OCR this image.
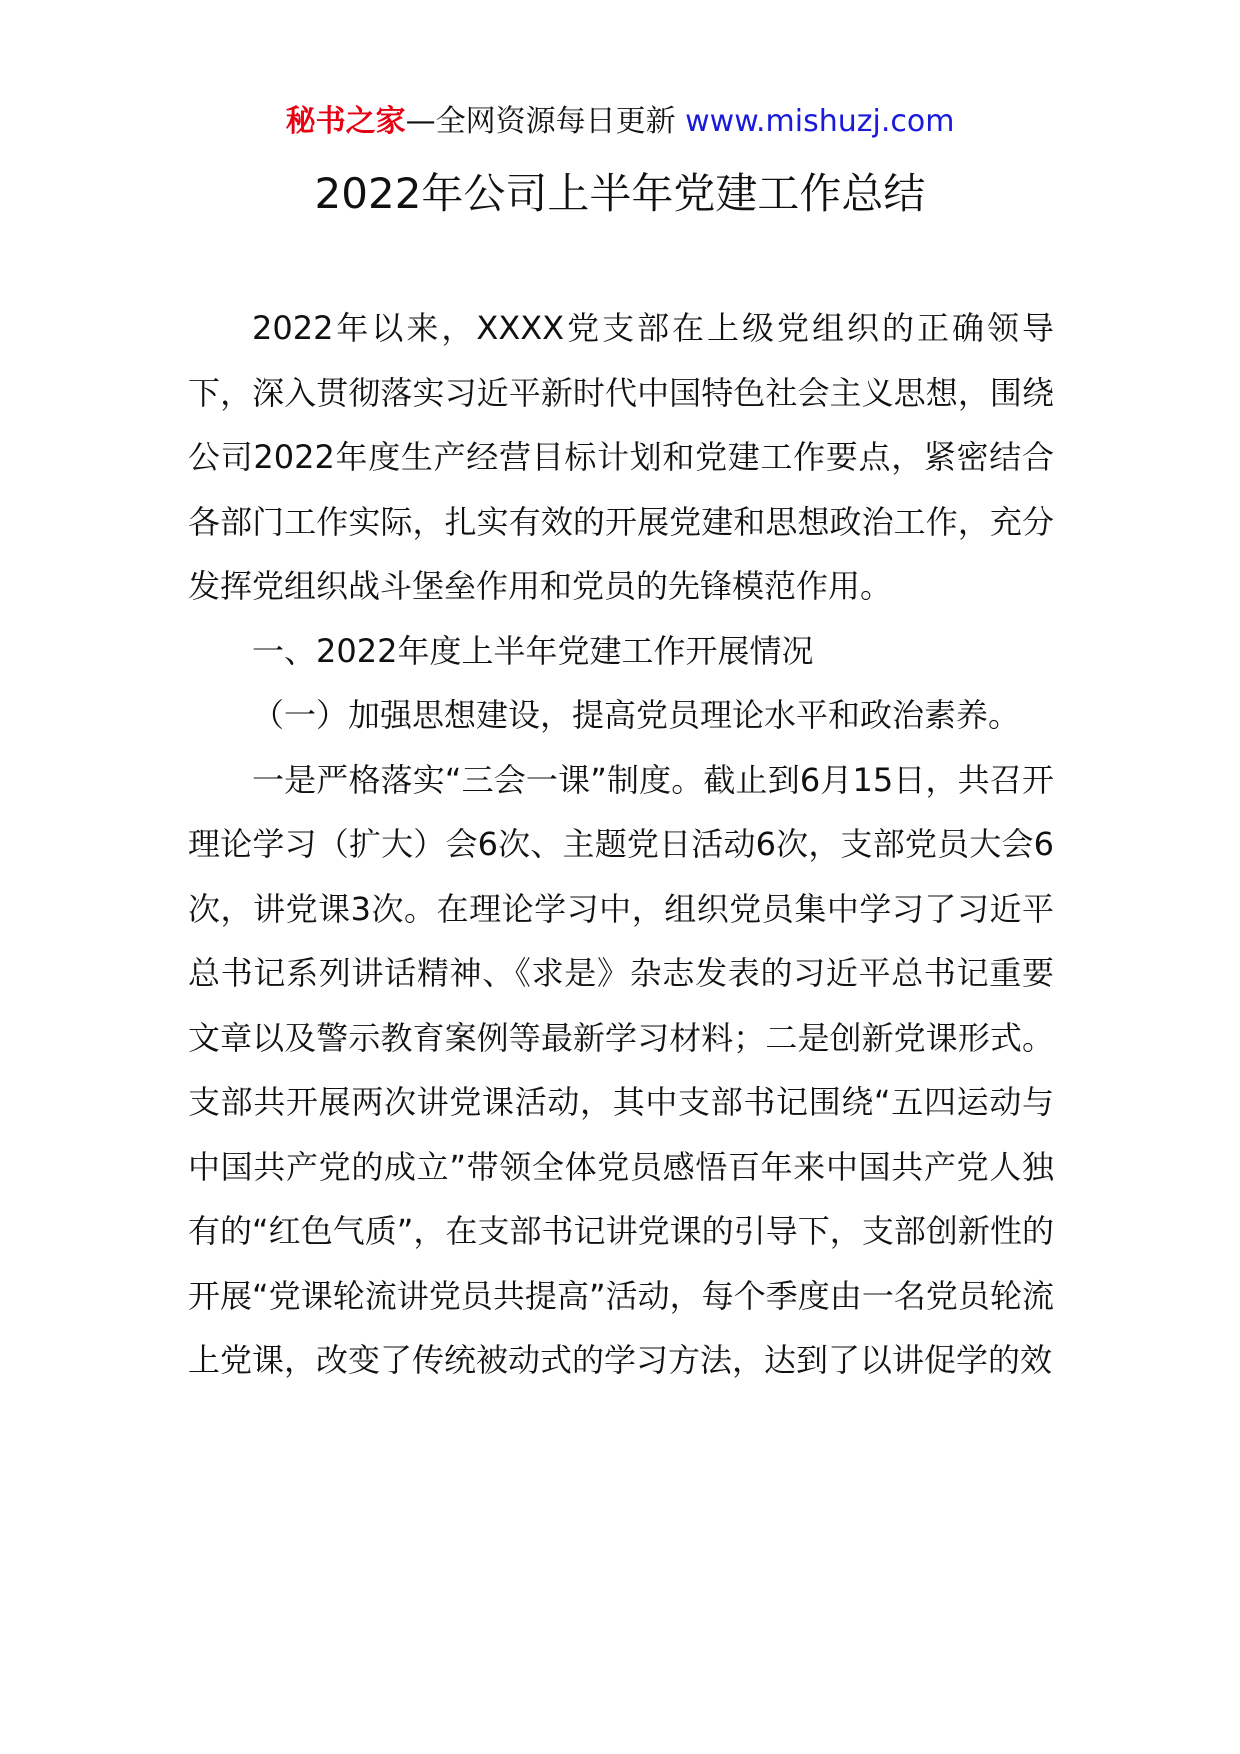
秘书之家—全网资源每日更新 www.mishuzj.com
2022年公司上半年党建工作总结

2022年以来，XXXX党支部在上级党组织的正确领导下，深入贯彻落实习近平新时代中国特色社会主义思想，围绕公司2022年度生产经营目标计划和党建工作要点，紧密结合各部门工作实际，扎实有效的开展党建和思想政治工作，充分发挥党组织战斗堡垒作用和党员的先锋模范作用。

一、2022年度上半年党建工作开展情况

（一）加强思想建设，提高党员理论水平和政治素养。

一是严格落实“三会一课”制度。截止到6月15日，共召开理论学习（扩大）会6次、主题党日活动6次，支部党员大会6次，讲党课3次。在理论学习中，组织党员集中学习了习近平总书记系列讲话精神、《求是》杂志发表的习近平总书记重要文章以及警示教育案例等最新学习材料；二是创新党课形式。支部共开展两次讲党课活动，其中支部书记围绕“五四运动与中国共产党的成立”带领全体党员感悟百年来中国共产党人独有的“红色气质”，在支部书记讲党课的引导下，支部创新性的开展“党课轮流讲党员共提高”活动，每个季度由一名党员轮流上党课，改变了传统被动式的学习方法，达到了以讲促学的效
